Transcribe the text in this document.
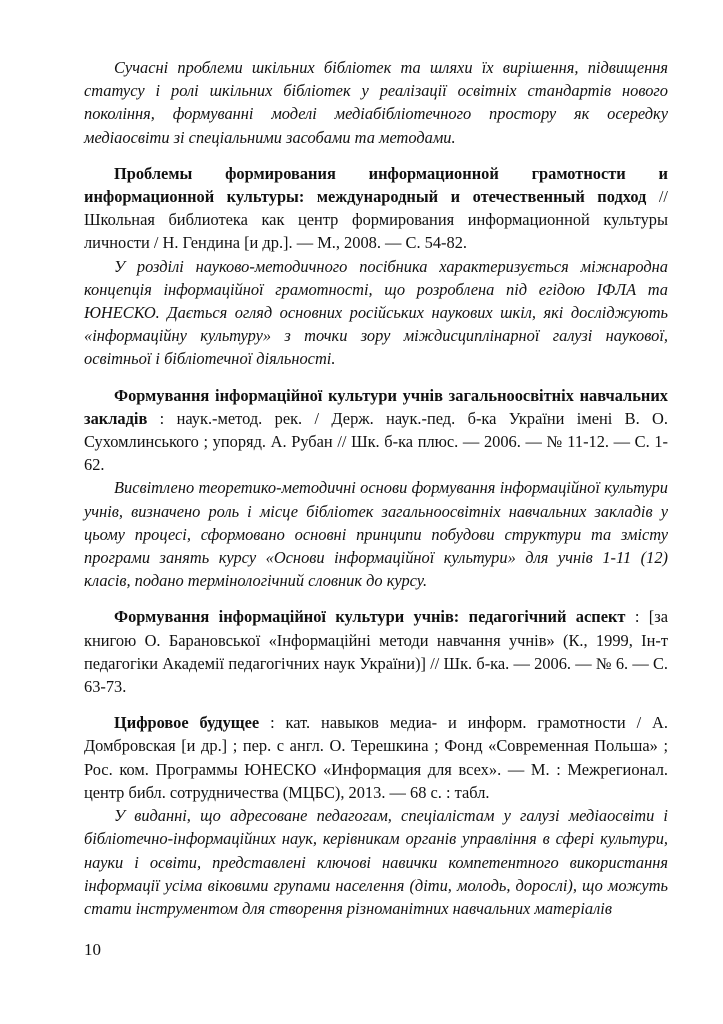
Сучасні проблеми шкільних бібліотек та шляхи їх вирішення, підвищення статусу і ролі шкільних бібліотек у реалізації освітніх стандартів нового покоління, формуванні моделі медіабібліотечного простору як осередку медіаосвіти зі спеціальними засобами та методами.

Проблемы формирования информационной грамотности и информационной культуры: международный и отечественный подход // Школьная библиотека как центр формирования информационной культуры личности / Н. Гендина [и др.]. — М., 2008. — С. 54-82.

У розділі науково-методичного посібника характеризується міжнародна концепція інформаційної грамотності, що розроблена під егідою ІФЛА та ЮНЕСКО. Дається огляд основних російських наукових шкіл, які досліджують «інформаційну культуру» з точки зору міждисциплінарної галузі наукової, освітньої і бібліотечної діяльності.

Формування інформаційної культури учнів загальноосвітніх навчальних закладів : наук.-метод. рек. / Держ. наук.-пед. б-ка України імені В. О. Сухомлинського ; упоряд. А. Рубан // Шк. б-ка плюс. — 2006. — № 11-12. — С. 1-62.

Висвітлено теоретико-методичні основи формування інформаційної культури учнів, визначено роль і місце бібліотек загальноосвітніх навчальних закладів у цьому процесі, сформовано основні принципи побудови структури та змісту програми занять курсу «Основи інформаційної культури» для учнів 1-11 (12) класів, подано термінологічний словник до курсу.

Формування інформаційної культури учнів: педагогічний аспект : [за книгою О. Барановської «Інформаційні методи навчання учнів» (К., 1999, Ін-т педагогіки Академії педагогічних наук України)] // Шк. б-ка. — 2006. — № 6. — С. 63-73.

Цифровое будущее : кат. навыков медиа- и информ. грамотности / А. Домбровская [и др.] ; пер. с англ. О. Терешкина ; Фонд «Современная Польша» ; Рос. ком. Программы ЮНЕСКО «Информация для всех». — М. : Межрегионал. центр библ. сотрудничества (МЦБС), 2013. — 68 с. : табл.

У виданні, що адресоване педагогам, спеціалістам у галузі медіаосвіти і бібліотечно-інформаційних наук, керівникам органів управління в сфері культури, науки і освіти, представлені ключові навички компетентного використання інформації усіма віковими групами населення (діти, молодь, дорослі), що можуть стати інструментом для створення різноманітних навчальних матеріалів

10
